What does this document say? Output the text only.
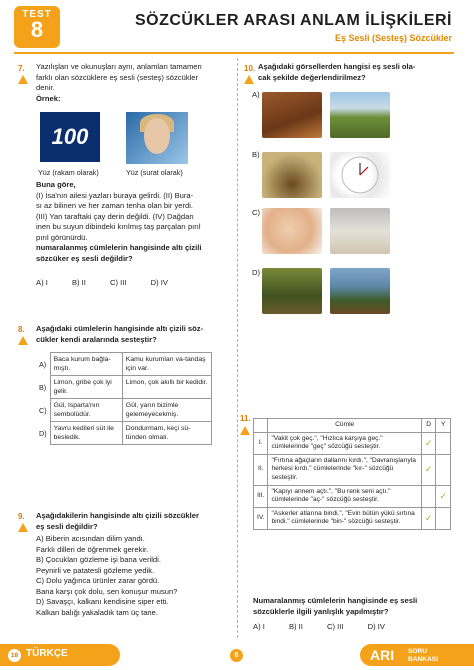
TEST
8	SÖZCÜKLER ARASI ANLAM İLİŞKİLERİ
Eş Sesli (Sesteş) Sözcükler
7. Yazılışları ve okunuşları aynı, anlamları tamamen
farklı olan sözcüklere eş sesli (sesteş) sözcükler
denir.
Örnek:
100
Yüz (rakam olarak)	Yüz (surat olarak)
Buna göre,
(I) İsa'nın ailesi yazları buraya gelirdi. (II) Bura-
sı az bilinen ve her zaman tenha olan bir yerdi.
(III) Yan taraftaki çay derin değildi. (IV) Dağdan
inen bu suyun dibindeki kırılmış taş parçaları pırıl
pırıl görünürdü.
numaralanmış cümlelerin hangisinde altı çizili
sözcüker eş sesli değildir?
A) I	B) II	C) III	D) IV
8. Aşağıdaki cümlelerin hangisinde altı çizili söz-
cükler kendi aralarında sesteştir?
A)	Baca kurum bağla-mıştı.	Kamu kurumları va-tandaş için var.
B)	Limon, gribe çok iyi gelir.	Limon, çok akıllı bir kedidir.
C)	Gül, Isparta'nın sembolüdür.	Gül, yarın bizimle gelemeyecekmiş.
D)	Yavru kedileri süt ile besledik.	Dondurmam, keçi sü-tünden olmalı.
9. Aşağıdakilerin hangisinde altı çizili sözcükler
eş sesli değildir?
A) Biberin acısından dilim yandı.
Farklı dilleri de öğrenmek gerekir.
B) Çocukları gözleme işi bana verildi.
Peynirli ve patatesli gözleme yedik.
C) Dolu yağınca ürünler zarar gördü.
Bana karşı çok dolu, sen konuşur musun?
D) Savaşçı, kalkanı kendisine siper etti.
Kalkan balığı yakaladık tam üç tane.
10. Aşağıdaki görsellerden hangisi eş sesli ola-
cak şekilde değerlendirilmez?
A)
B)
C)
D)
11.
	Cümle	D	Y
I.	"Vakit çok geç.", "Hızlıca karşıya geç." cümlelerinde "geç" sözcüğü sesteştir.	✓	
II.	"Fırtına ağaçların dallarını kırdı.", "Davranışlarıyla herkesi kırdı." cümlelerinde "kır-" sözcüğü sesteştir.	✓	
III.	"Kapıyı annem açtı.", "Bu renk seni açtı." cümlelerinde "aç-" sözcüğü sesteştir.		✓
IV.	"Askerler atlarına bindi.", "Evin bütün yükü sırtına bindi." cümlelerinde "bin-" sözcüğü sesteştir.	✓	
Numaralanmış cümlelerin hangisinde eş sesli
sözcüklerle ilgili yanlışlık yapılmıştır?
A) I	B) II	C) III	D) IV
18 TÜRKÇE	6	ARI SORU
BANKASI
